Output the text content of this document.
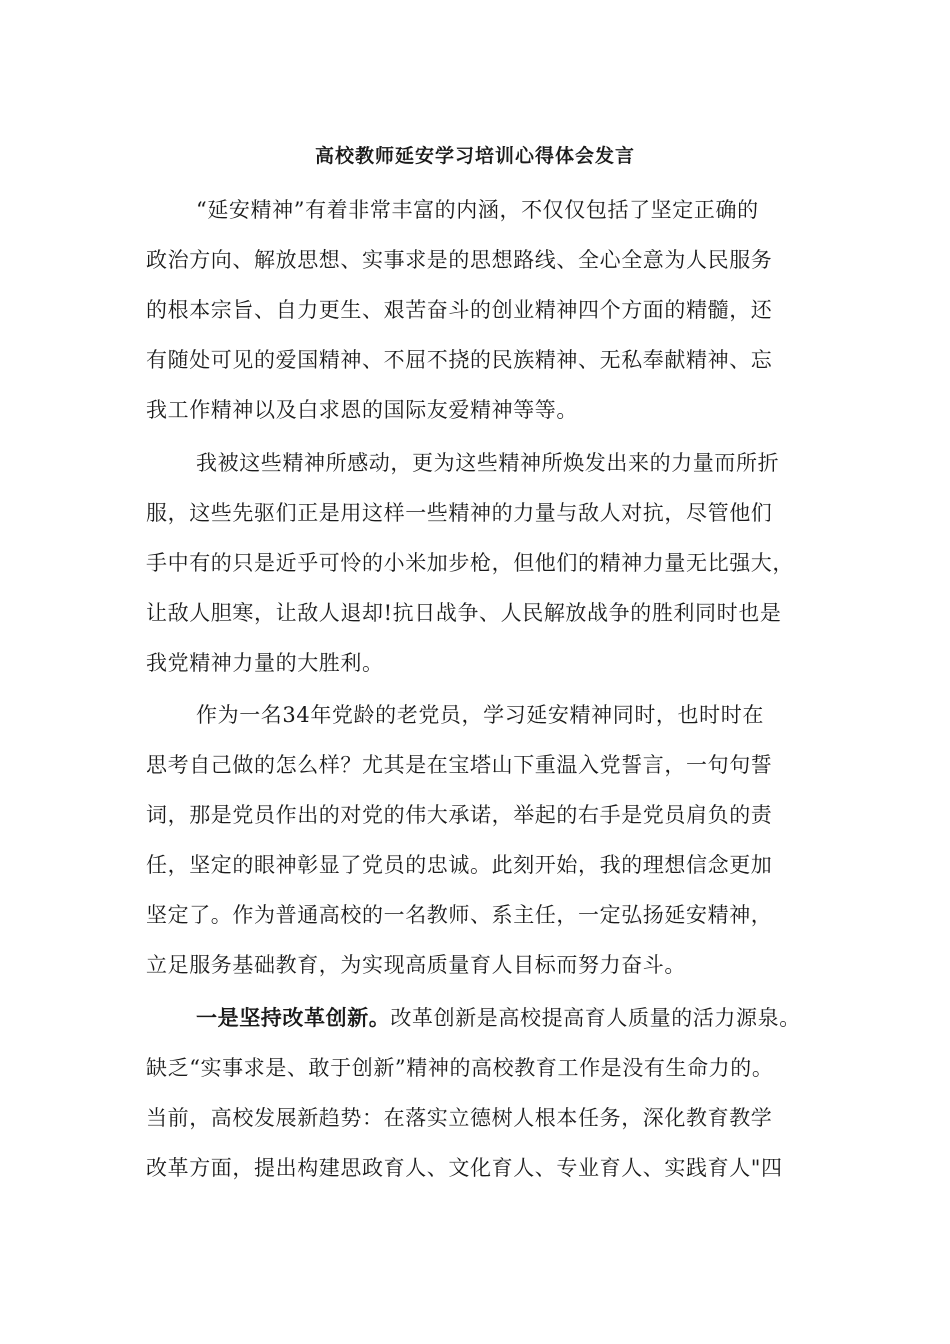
高校教师延安学习培训心得体会发言
“延安精神”有着非常丰富的内涵，不仅仅包括了坚定正确的
政治方向、解放思想、实事求是的思想路线、全心全意为人民服务
的根本宗旨、自力更生、艰苦奋斗的创业精神四个方面的精髓，还
有随处可见的爱国精神、不屈不挠的民族精神、无私奉献精神、忘
我工作精神以及白求恩的国际友爱精神等等。
我被这些精神所感动，更为这些精神所焕发出来的力量而所折
服，这些先驱们正是用这样一些精神的力量与敌人对抗，尽管他们
手中有的只是近乎可怜的小米加步枪，但他们的精神力量无比强大，
让敌人胆寒，让敌人退却!抗日战争、人民解放战争的胜利同时也是
我党精神力量的大胜利。
作为一名34年党龄的老党员，学习延安精神同时，也时时在
思考自己做的怎么样？尤其是在宝塔山下重温入党誓言，一句句誓
词，那是党员作出的对党的伟大承诺，举起的右手是党员肩负的责
任，坚定的眼神彰显了党员的忠诚。此刻开始，我的理想信念更加
坚定了。作为普通高校的一名教师、系主任，一定弘扬延安精神，
立足服务基础教育，为实现高质量育人目标而努力奋斗。
一是坚持改革创新。改革创新是高校提高育人质量的活力源泉。
缺乏“实事求是、敢于创新”精神的高校教育工作是没有生命力的。
当前，高校发展新趋势：在落实立德树人根本任务，深化教育教学
改革方面，提出构建思政育人、文化育人、专业育人、实践育人"四
